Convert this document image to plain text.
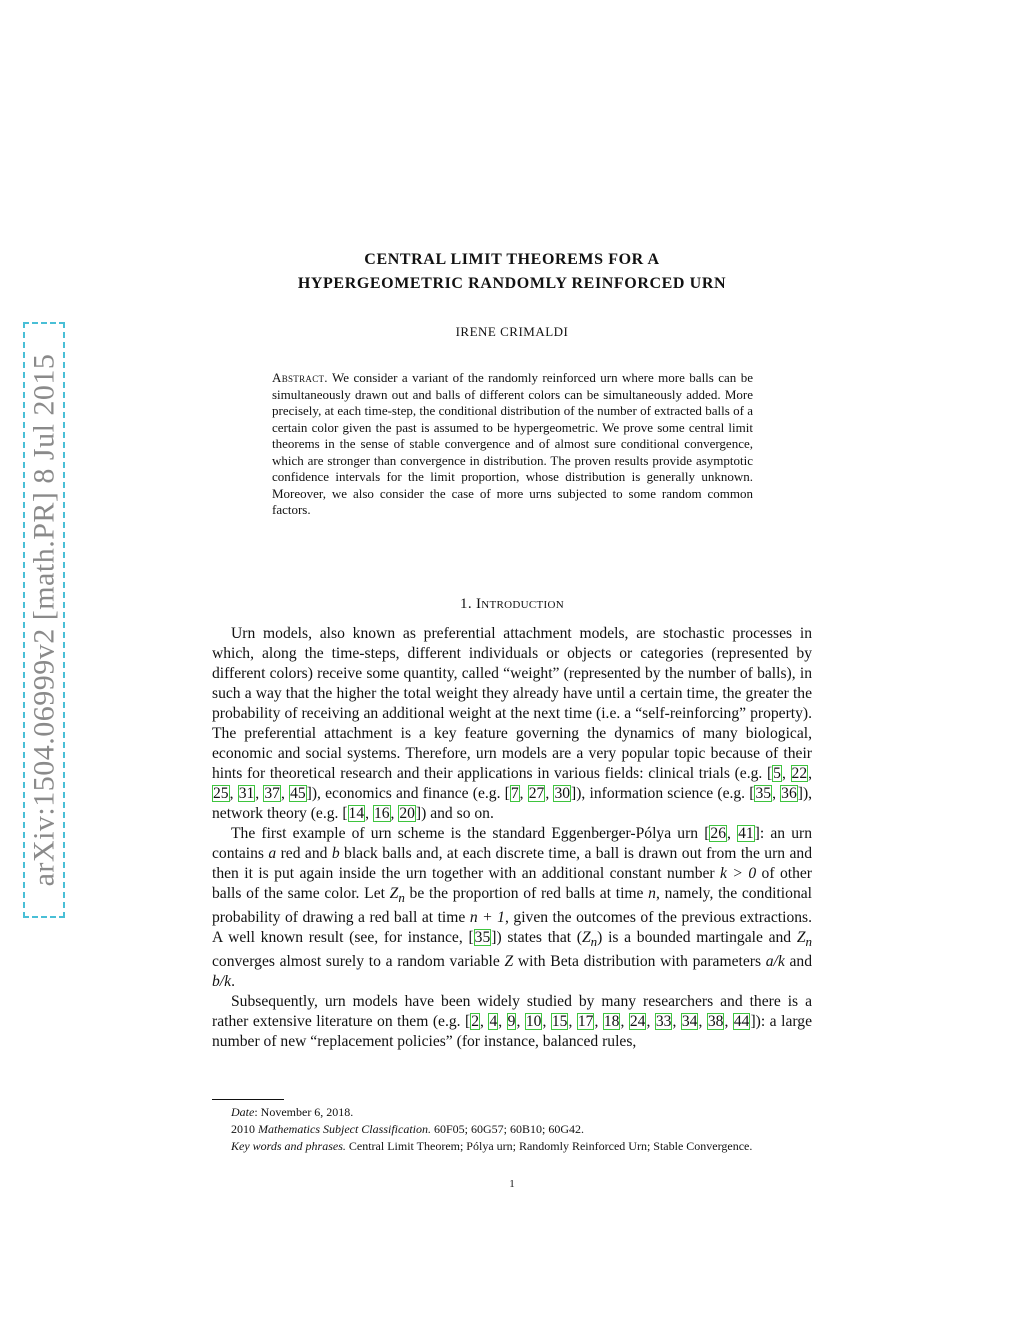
arXiv:1504.06999v2 [math.PR] 8 Jul 2015
CENTRAL LIMIT THEOREMS FOR A
HYPERGEOMETRIC RANDOMLY REINFORCED URN
IRENE CRIMALDI
Abstract. We consider a variant of the randomly reinforced urn where more balls can be simultaneously drawn out and balls of different colors can be simultaneously added. More precisely, at each time-step, the conditional distribution of the number of extracted balls of a certain color given the past is assumed to be hypergeometric. We prove some central limit theorems in the sense of stable convergence and of almost sure conditional convergence, which are stronger than convergence in distribution. The proven results provide asymptotic confidence intervals for the limit proportion, whose distribution is generally unknown. Moreover, we also consider the case of more urns subjected to some random common factors.
1. Introduction

Urn models, also known as preferential attachment models, are stochastic processes in which, along the time-steps, different individuals or objects or categories (represented by different colors) receive some quantity, called “weight” (represented by the number of balls), in such a way that the higher the total weight they already have until a certain time, the greater the probability of receiving an additional weight at the next time (i.e. a “self-reinforcing” property). The preferential attachment is a key feature governing the dynamics of many biological, economic and social systems. Therefore, urn models are a very popular topic because of their hints for theoretical research and their applications in various fields: clinical trials (e.g. [5, 22, 25, 31, 37, 45]), economics and finance (e.g. [7, 27, 30]), information science (e.g. [35, 36]), network theory (e.g. [14, 16, 20]) and so on.

The first example of urn scheme is the standard Eggenberger-Pólya urn [26, 41]: an urn contains a red and b black balls and, at each discrete time, a ball is drawn out from the urn and then it is put again inside the urn together with an additional constant number k > 0 of other balls of the same color. Let $Z_n$ be the proportion of red balls at time n, namely, the conditional probability of drawing a red ball at time n + 1, given the outcomes of the previous extractions. A well known result (see, for instance, [35]) states that $(Z_n)$ is a bounded martingale and $Z_n$ converges almost surely to a random variable Z with Beta distribution with parameters a/k and b/k.

Subsequently, urn models have been widely studied by many researchers and there is a rather extensive literature on them (e.g. [2, 4, 9, 10, 15, 17, 18, 24, 33, 34, 38, 44]): a large number of new “replacement policies” (for instance, balanced rules,

Date: November 6, 2018.

2010 Mathematics Subject Classification. 60F05; 60G57; 60B10; 60G42.

Key words and phrases. Central Limit Theorem; Pólya urn; Randomly Reinforced Urn; Stable Convergence.

1
